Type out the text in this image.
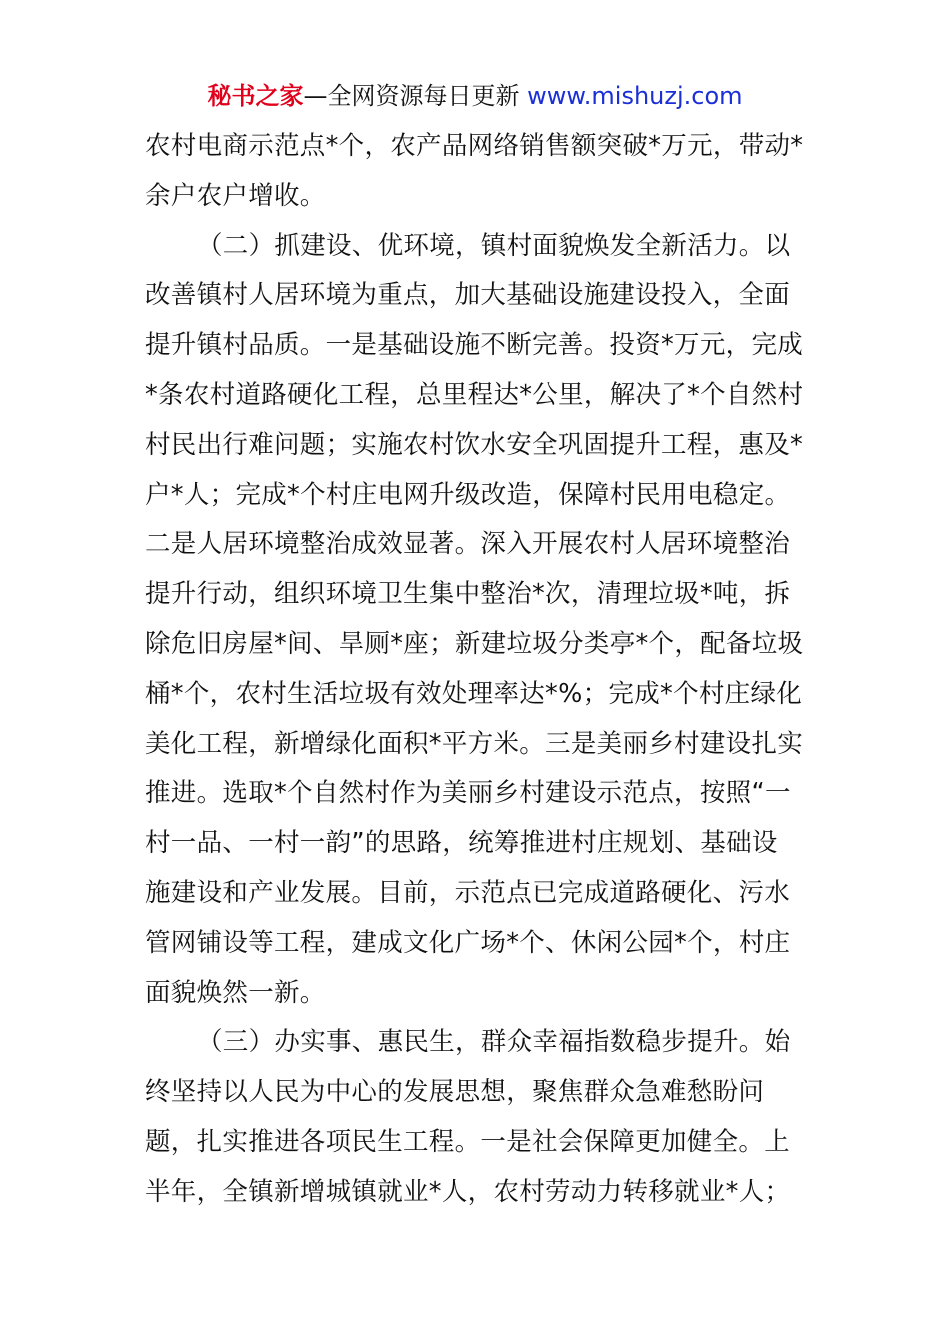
秘书之家—全网资源每日更新 www.mishuzj.com
农村电商示范点*个，农产品网络销售额突破*万元，带动*
余户农户增收。
（二）抓建设、优环境，镇村面貌焕发全新活力。以
改善镇村人居环境为重点，加大基础设施建设投入，全面
提升镇村品质。一是基础设施不断完善。投资*万元，完成
*条农村道路硬化工程，总里程达*公里，解决了*个自然村
村民出行难问题；实施农村饮水安全巩固提升工程，惠及*
户*人；完成*个村庄电网升级改造，保障村民用电稳定。
二是人居环境整治成效显著。深入开展农村人居环境整治
提升行动，组织环境卫生集中整治*次，清理垃圾*吨，拆
除危旧房屋*间、旱厕*座；新建垃圾分类亭*个，配备垃圾
桶*个，农村生活垃圾有效处理率达*%；完成*个村庄绿化
美化工程，新增绿化面积*平方米。三是美丽乡村建设扎实
推进。选取*个自然村作为美丽乡村建设示范点，按照“一
村一品、一村一韵”的思路，统筹推进村庄规划、基础设
施建设和产业发展。目前，示范点已完成道路硬化、污水
管网铺设等工程，建成文化广场*个、休闲公园*个，村庄
面貌焕然一新。
（三）办实事、惠民生，群众幸福指数稳步提升。始
终坚持以人民为中心的发展思想，聚焦群众急难愁盼问
题，扎实推进各项民生工程。一是社会保障更加健全。上
半年，全镇新增城镇就业*人，农村劳动力转移就业*人；
